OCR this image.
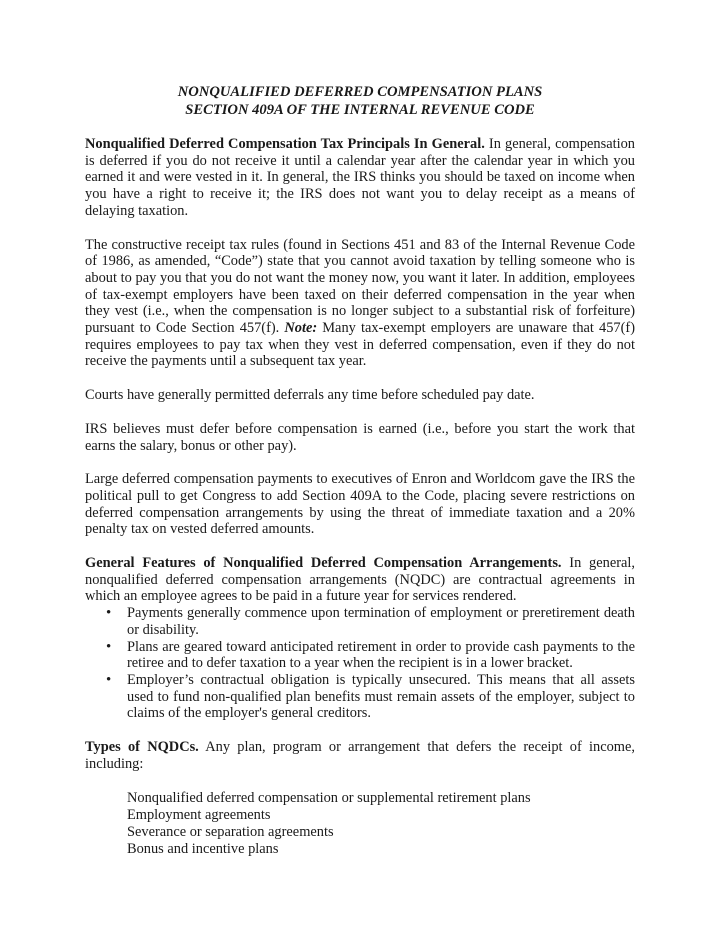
NONQUALIFIED DEFERRED COMPENSATION PLANS
SECTION 409A OF THE INTERNAL REVENUE CODE

Nonqualified Deferred Compensation Tax Principals In General. In general, compensation is deferred if you do not receive it until a calendar year after the calendar year in which you earned it and were vested in it. In general, the IRS thinks you should be taxed on income when you have a right to receive it; the IRS does not want you to delay receipt as a means of delaying taxation.

The constructive receipt tax rules (found in Sections 451 and 83 of the Internal Revenue Code of 1986, as amended, “Code”) state that you cannot avoid taxation by telling someone who is about to pay you that you do not want the money now, you want it later. In addition, employees of tax-exempt employers have been taxed on their deferred compensation in the year when they vest (i.e., when the compensation is no longer subject to a substantial risk of forfeiture) pursuant to Code Section 457(f). Note: Many tax-exempt employers are unaware that 457(f) requires employees to pay tax when they vest in deferred compensation, even if they do not receive the payments until a subsequent tax year.

Courts have generally permitted deferrals any time before scheduled pay date.

IRS believes must defer before compensation is earned (i.e., before you start the work that earns the salary, bonus or other pay).

Large deferred compensation payments to executives of Enron and Worldcom gave the IRS the political pull to get Congress to add Section 409A to the Code, placing severe restrictions on deferred compensation arrangements by using the threat of immediate taxation and a 20% penalty tax on vested deferred amounts.

General Features of Nonqualified Deferred Compensation Arrangements. In general, nonqualified deferred compensation arrangements (NQDC) are contractual agreements in which an employee agrees to be paid in a future year for services rendered.

• Payments generally commence upon termination of employment or preretirement death or disability.
• Plans are geared toward anticipated retirement in order to provide cash payments to the retiree and to defer taxation to a year when the recipient is in a lower bracket.
• Employer’s contractual obligation is typically unsecured. This means that all assets used to fund non-qualified plan benefits must remain assets of the employer, subject to claims of the employer's general creditors.

Types of NQDCs. Any plan, program or arrangement that defers the receipt of income, including:

Nonqualified deferred compensation or supplemental retirement plans
Employment agreements
Severance or separation agreements
Bonus and incentive plans
